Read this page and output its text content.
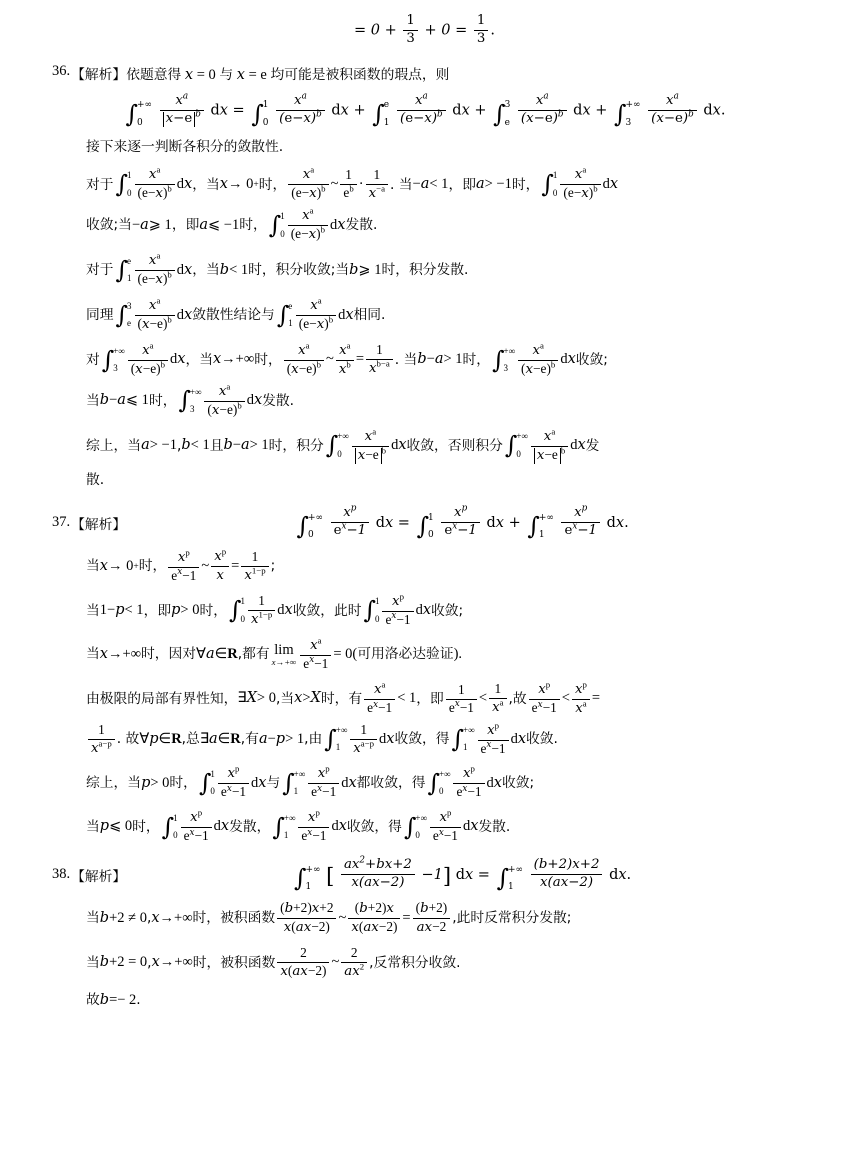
= $0 + \frac{1}{3} + 0 = \frac{1}{3}$ .
36. 【解析】 依题意得 x = 0 与 x = e 均可能是被积函数的瑕点，则
∫ +∞
0
	$\frac{x^a}{x-e ^b}$ dx = ∫ 1
0
$\frac{x^a}{(e-x)^b}$ dx + ∫ e
1
$\frac{x^a}{(e-x)^b}$ dx + ∫ 3
e
$\frac{x^a}{(x-e)^b}$ dx + ∫ +∞
3
	$\frac{x^a}{(x-e)^b}$ dx.
接下来逐一判断各积分的敛散性.
对于 ∫ 1
$0 \frac{x^a}{(e-x)^b}$ d x ，当 x → 0 + 时， $\frac{x^a}{(e-x)^b}$ ~ $\frac{1}{e^b} \cdot \frac{1}{x^{-a}}$ . 当 − a < 1 ，即 a > −1 时， ∫ 1
$0 \frac{x^a}{(e-x)^b}$ d x
收敛;当 − a ⩾ 1 ，即 a ⩽ −1 时， ∫ 1
$0 \frac{x^a}{(e-x)^b}$ d x 发散.
对于 ∫ e
$1 \frac{x^a}{(e-x)^b}$ d x ，当 b < 1 时，积分收敛;当 b ⩾ 1 时，积分发散.
同理 ∫ 3
e $\frac{x^a}{(x-e)^b}$ d x 敛散性结论与 ∫ e
$1 \frac{x^a}{(e-x)^b}$ d x 相同.
对 ∫ +∞
$3 \frac{x^a}{(x-e)^b}$ d x ，当 x →+∞ 时， $\frac{x^a}{(x-e)^b}$ ~ $\frac{x^a}{x^b} = \frac{1}{x^{b-a}}$ . 当 b − a > 1 时， ∫ +∞
$3 \frac{x^a}{(x-e)^b}$ d x 收敛;
当 b − a ⩽ 1 时， ∫ +∞
$3 \frac{x^a}{(x-e)^b}$ d x 发散.
综上，当 a > −1 , b < 1 且 b − a > 1 时，积分 ∫ +∞
$0 \frac{x^a}{x-e ^b}$ d x 收敛，否则积分 ∫ +∞
$0 \frac{x^a}{x-e ^b}$ d x 发
散.
37. 【解析】	∫ +∞
0
	$\frac{x^p}{e^x-1}$ dx = ∫ 1
0
$\frac{x^p}{e^x-1}$ dx + ∫ +∞
1
	$\frac{x^p}{e^x-1}$ dx.
当 x → 0 + 时， $\frac{x^p}{e^x-1}$ ~ $\frac{x^p}{x} = \frac{1}{x^{1-p}}$ ;
当 1− p < 1 ，即 p > 0 时， ∫ 1
$0 \frac{1}{x^{1-p}}$ d x 收敛，此时 ∫ 1
$0 \frac{x^p}{e^x-1}$ d x 收敛;
当 x →+∞ 时，因对 ∀ a ∈ R ,都有 lim
$x\to+\infty \frac{x^a}{e^x-1} = 0$( 可用洛必达验证 ).
由极限的局部有界性知， ∃ X > 0 ,当 x > X 时，有 $\frac{x^a}{e^x-1} < 1$ ，即 $\frac{1}{e^x-1} < \frac{1}{x^a}$ ,故 $\frac{x^p}{e^x-1} < \frac{x^p}{x^a}$ =
$\frac{1}{x^{a-p}}$ . 故 ∀ p ∈ R ,总 ∃ a ∈ R ,有 a − p > 1 ,由 ∫ +∞
$1 \frac{1}{x^{a-p}}$ d x 收敛，得 ∫ +∞
$1 \frac{x^p}{e^x-1}$ d x 收敛.
综上，当 p > 0 时， ∫ 1
$0 \frac{x^p}{e^x-1}$ d x 与 ∫ +∞
$1 \frac{x^p}{e^x-1}$ d x 都收敛，得 ∫ +∞
$0 \frac{x^p}{e^x-1}$ d x 收敛;
当 p ⩽ 0 时， ∫ 1
$0 \frac{x^p}{e^x-1}$ d x 发散， ∫ +∞
$1 \frac{x^p}{e^x-1}$ d x 收敛，得 ∫ +∞
$0 \frac{x^p}{e^x-1}$ d x 发散.
38. 【解析】	∫ +∞
1 [ $\frac{ax^2+bx+2}{x(ax-2)} -1$] dx = ∫ +∞
1
	$\frac{(b+2)x+2}{x(ax-2)}$ dx.
当 b +2 ≠ 0 , x →+∞ 时，被积函数 $\frac{(b+2)x+2}{x(ax-2)}$ ~ $\frac{(b+2)x}{x(ax-2)} = \frac{(b+2)}{ax-2}$ ,此时反常积分发散;
当 b +2 = 0 , x →+∞ 时，被积函数 $\frac{2}{x(ax-2)}$ ~ $\frac{2}{ax^2}$ ,反常积分收敛.
故 b =− 2 .
